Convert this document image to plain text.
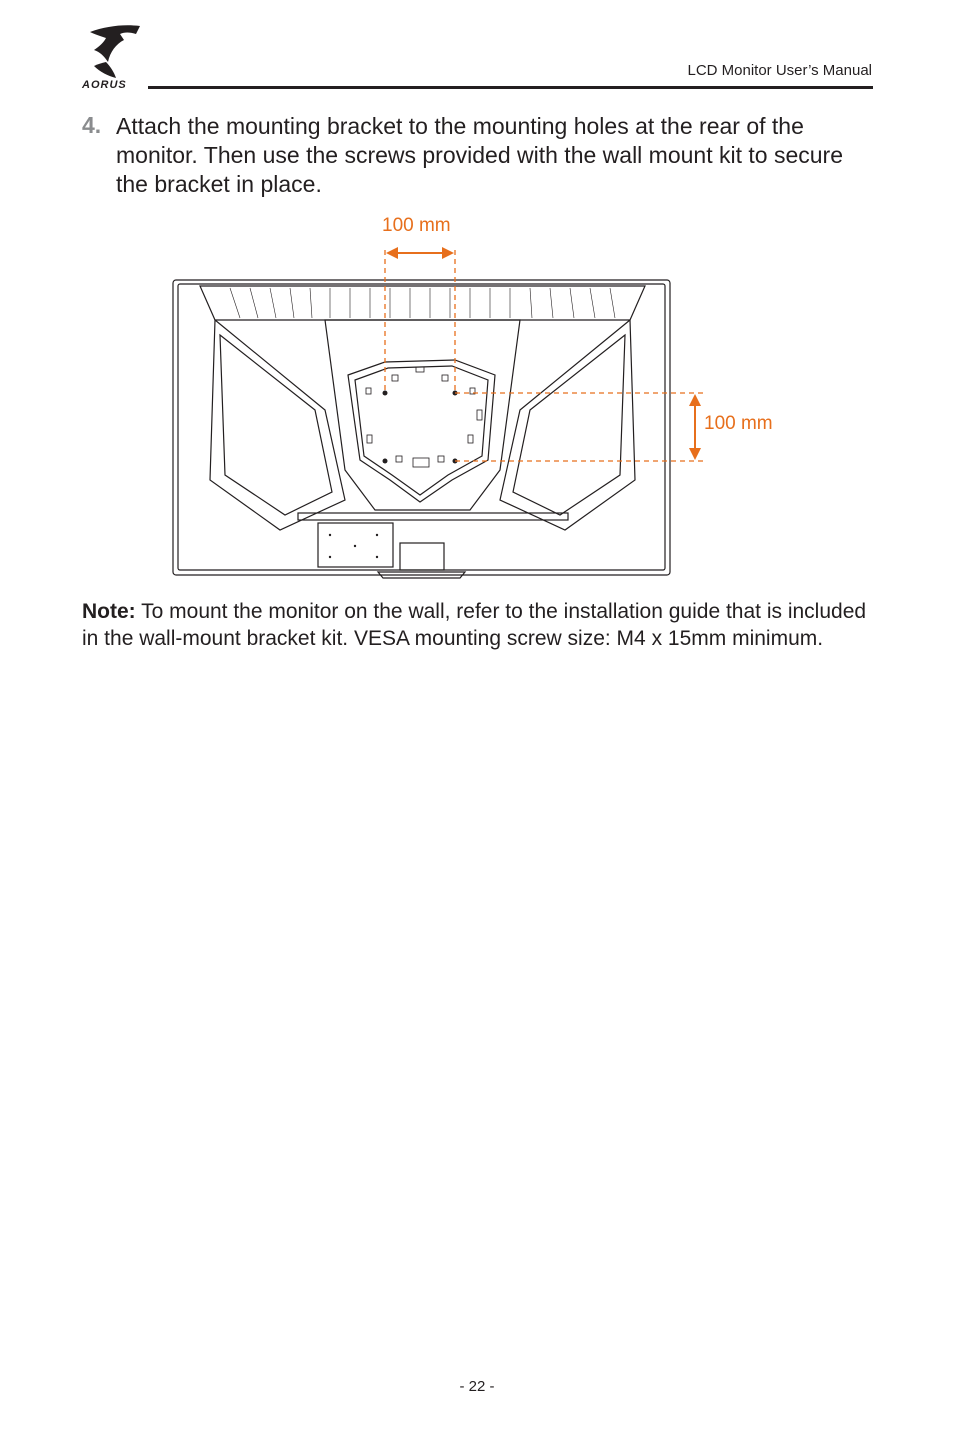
AORUS
LCD Monitor User’s Manual
4. Attach the mounting bracket to the mounting holes at the rear of the monitor. Then use the screws provided with the wall mount kit to secure the bracket in place.
100 mm
100 mm
Note: To mount the monitor on the wall, refer to the installation guide that is included in the wall-mount bracket kit. VESA mounting screw size: M4 x 15mm minimum.
- 22 -
